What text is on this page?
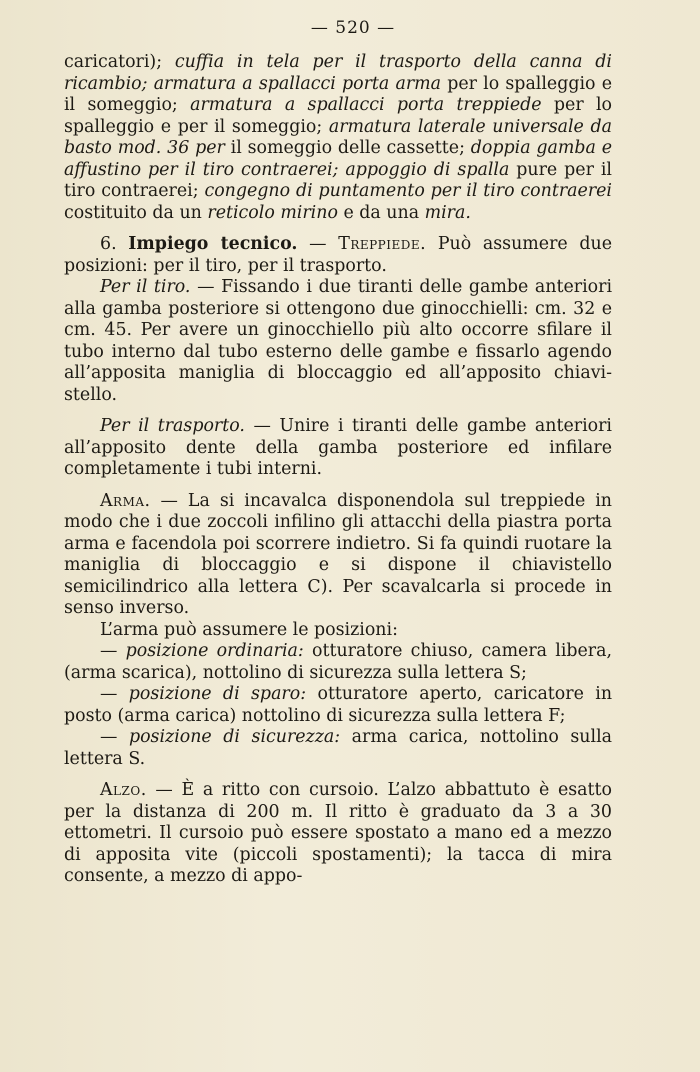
— 520 —

caricatori); cuffia in tela per il trasporto della canna di ricambio; armatura a spallacci porta arma per lo spalleggio e il someggio; armatura a spallacci porta treppiede per lo spalleggio e per il someggio; armatura laterale universale da basto mod. 36 per il someggio delle cassette; doppia gamba e affustino per il tiro contraerei; appoggio di spalla pure per il tiro contraerei; congegno di puntamento per il tiro contraerei costituito da un reticolo mirino e da una mira.

6. Impiego tecnico. — Treppiede. Può assumere due posizioni: per il tiro, per il trasporto.

Per il tiro. — Fissando i due tiranti delle gambe anteriori alla gamba posteriore si ottengono due ginocchielli: cm. 32 e cm. 45. Per avere un ginocchiello più alto occorre sfilare il tubo interno dal tubo esterno delle gambe e fissarlo agendo all’apposita maniglia di bloccaggio ed all’apposito chiavistello.

Per il trasporto. — Unire i tiranti delle gambe anteriori all’apposito dente della gamba posteriore ed infilare completamente i tubi interni.

Arma. — La si incavalca disponendola sul treppiede in modo che i due zoccoli infilino gli attacchi della piastra porta arma e facendola poi scorrere indietro. Si fa quindi ruotare la maniglia di bloccaggio e si dispone il chiavistello semicilindrico alla lettera C). Per scavalcarla si procede in senso inverso.

L’arma può assumere le posizioni:

— posizione ordinaria: otturatore chiuso, camera libera, (arma scarica), nottolino di sicurezza sulla lettera S;

— posizione di sparo: otturatore aperto, caricatore in posto (arma carica) nottolino di sicurezza sulla lettera F;

— posizione di sicurezza: arma carica, nottolino sulla lettera S.

Alzo. — È a ritto con cursoio. L’alzo abbattuto è esatto per la distanza di 200 m. Il ritto è graduato da 3 a 30 ettometri. Il cursoio può essere spostato a mano ed a mezzo di apposita vite (piccoli spostamenti); la tacca di mira consente, a mezzo di appo-
